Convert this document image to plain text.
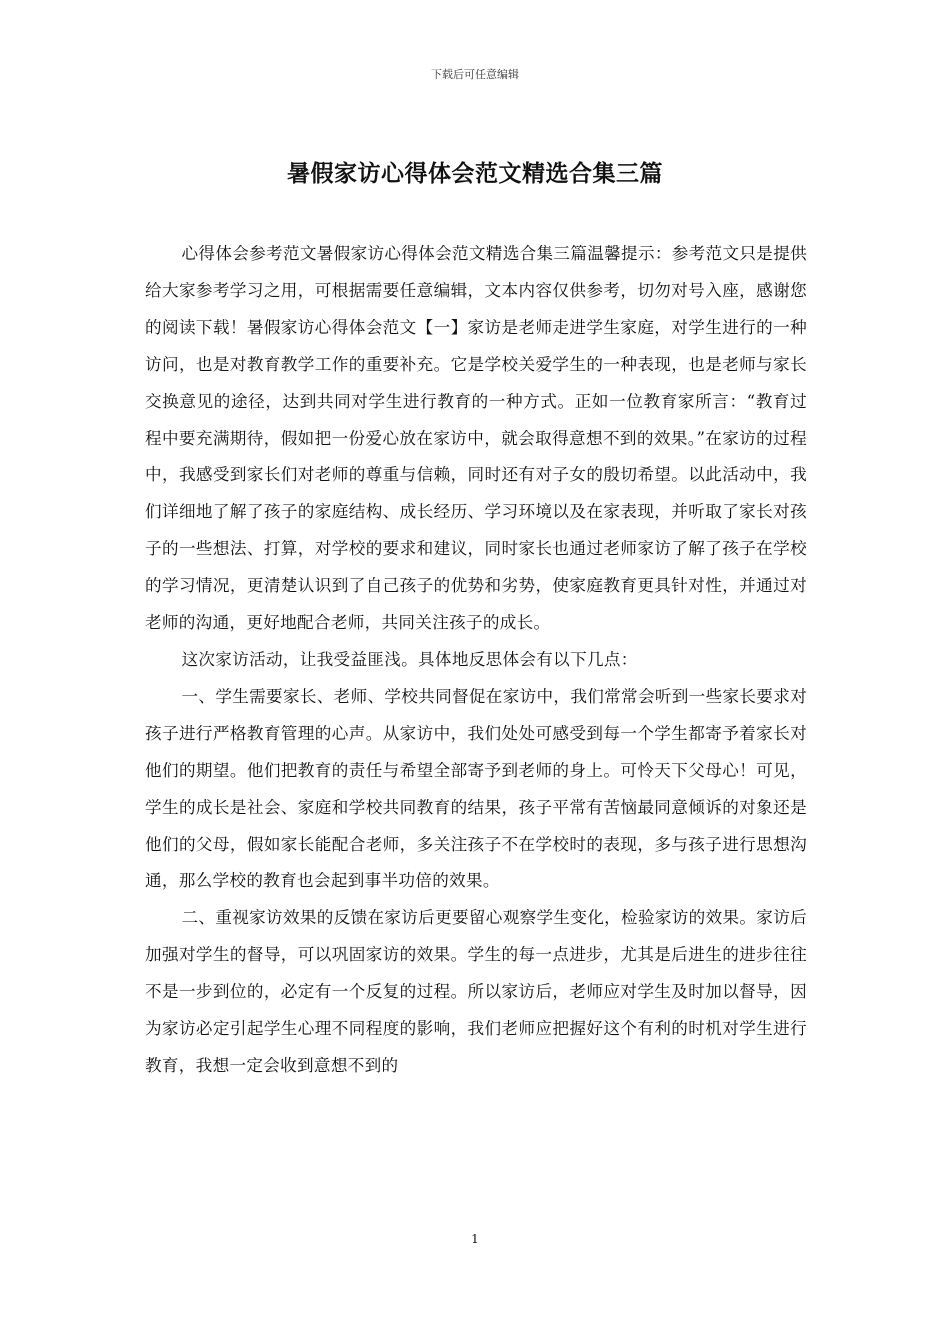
下载后可任意编辑
暑假家访心得体会范文精选合集三篇

心得体会参考范文暑假家访心得体会范文精选合集三篇温馨提示：参考范文只是提供给大家参考学习之用，可根据需要任意编辑，文本内容仅供参考，切勿对号入座，感谢您的阅读下载！暑假家访心得体会范文【一】家访是老师走进学生家庭，对学生进行的一种访问，也是对教育教学工作的重要补充。它是学校关爱学生的一种表现，也是老师与家长交换意见的途径，达到共同对学生进行教育的一种方式。正如一位教育家所言：“教育过程中要充满期待，假如把一份爱心放在家访中，就会取得意想不到的效果。”在家访的过程中，我感受到家长们对老师的尊重与信赖，同时还有对子女的殷切希望。以此活动中，我们详细地了解了孩子的家庭结构、成长经历、学习环境以及在家表现，并听取了家长对孩子的一些想法、打算，对学校的要求和建议，同时家长也通过老师家访了解了孩子在学校的学习情况，更清楚认识到了自己孩子的优势和劣势，使家庭教育更具针对性，并通过对老师的沟通，更好地配合老师，共同关注孩子的成长。

这次家访活动，让我受益匪浅。具体地反思体会有以下几点：

一、学生需要家长、老师、学校共同督促在家访中，我们常常会听到一些家长要求对孩子进行严格教育管理的心声。从家访中，我们处处可感受到每一个学生都寄予着家长对他们的期望。他们把教育的责任与希望全部寄予到老师的身上。可怜天下父母心！可见，学生的成长是社会、家庭和学校共同教育的结果，孩子平常有苦恼最同意倾诉的对象还是他们的父母，假如家长能配合老师，多关注孩子不在学校时的表现，多与孩子进行思想沟通，那么学校的教育也会起到事半功倍的效果。

二、重视家访效果的反馈在家访后更要留心观察学生变化，检验家访的效果。家访后加强对学生的督导，可以巩固家访的效果。学生的每一点进步，尤其是后进生的进步往往不是一步到位的，必定有一个反复的过程。所以家访后，老师应对学生及时加以督导，因为家访必定引起学生心理不同程度的影响，我们老师应把握好这个有利的时机对学生进行教育，我想一定会收到意想不到的

1
